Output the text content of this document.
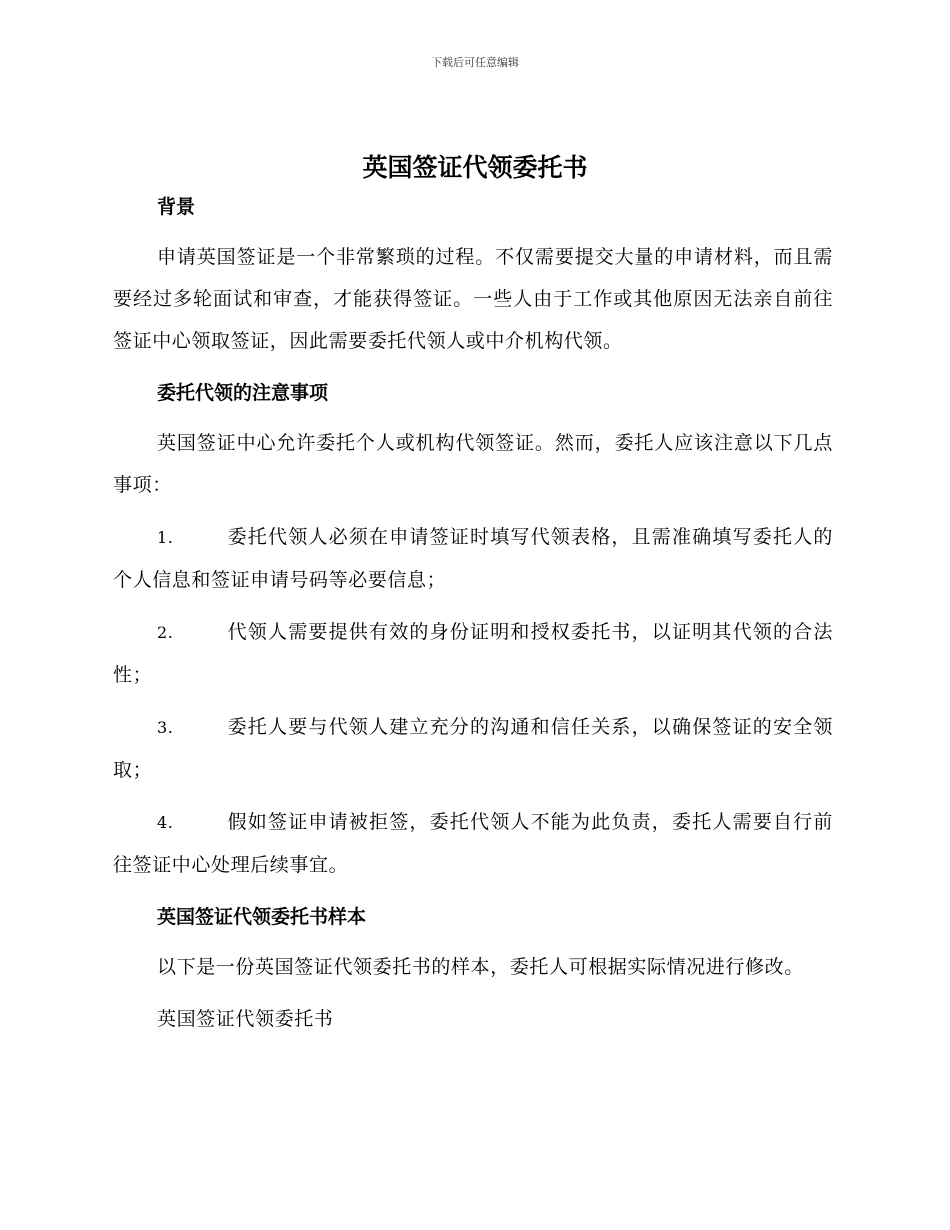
下载后可任意编辑
英国签证代领委托书

背景

申请英国签证是一个非常繁琐的过程。不仅需要提交大量的申请材料，而且需要经过多轮面试和审查，才能获得签证。一些人由于工作或其他原因无法亲自前往签证中心领取签证，因此需要委托代领人或中介机构代领。

委托代领的注意事项

英国签证中心允许委托个人或机构代领签证。然而，委托人应该注意以下几点事项：

1.	委托代领人必须在申请签证时填写代领表格，且需准确填写委托人的个人信息和签证申请号码等必要信息；

2.	代领人需要提供有效的身份证明和授权委托书，以证明其代领的合法性；

3.	委托人要与代领人建立充分的沟通和信任关系，以确保签证的安全领取；

4.	假如签证申请被拒签，委托代领人不能为此负责，委托人需要自行前往签证中心处理后续事宜。

英国签证代领委托书样本

以下是一份英国签证代领委托书的样本，委托人可根据实际情况进行修改。

英国签证代领委托书
